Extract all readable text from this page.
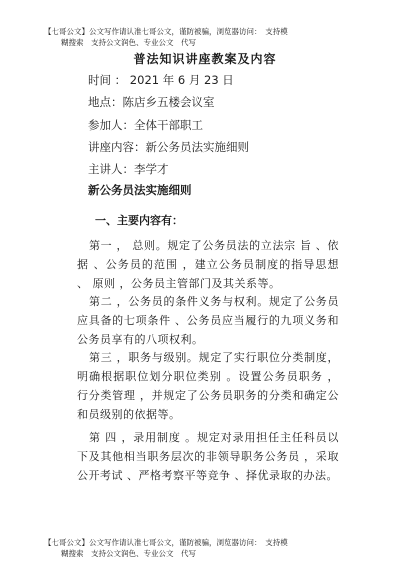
【七哥公文】公文写作请认准七哥公文，谨防被骗，浏览器访问：　支持模
糊搜索　支持公文润色、专业公文　代写
普法知识讲座教案及内容
时间 ： 2021 年 6 月 23 日
地点：陈店乡五楼会议室
参加人：全体干部职工
讲座内容：新公务员法实施细则
主讲人：李学才
新公务员法实施细则
一、主要内容有：
第一 ， 总则。规定了公务员法的立法宗 旨 、依 据 、公务员的范围 ，建立公务员制度的指导思想 、 原则 ，公务员主管部门及其关系等。
第二 ，公务员的条件义务与权利。规定了公务员应具备的七项条件 、公务员应当履行的九项义务和公务员享有的八项权利。
第三 ，职务与级别。规定了实行职位分类制度， 明确根据职位划分职位类别 。设置公务员职务 ， 行分类管理 ，并规定了公务员职务的分类和确定公 和员级别的依据等。
第 四 ，录用制度 。规定对录用担任主任科员以 下及其他相当职务层次的非领导职务公务员 ，采取 公开考试 、严格考察平等竞争 、择优录取的办法。
【七哥公文】公文写作请认准七哥公文，谨防被骗，浏览器访问：　支持模
糊搜索　支持公文润色、专业公文　代写
